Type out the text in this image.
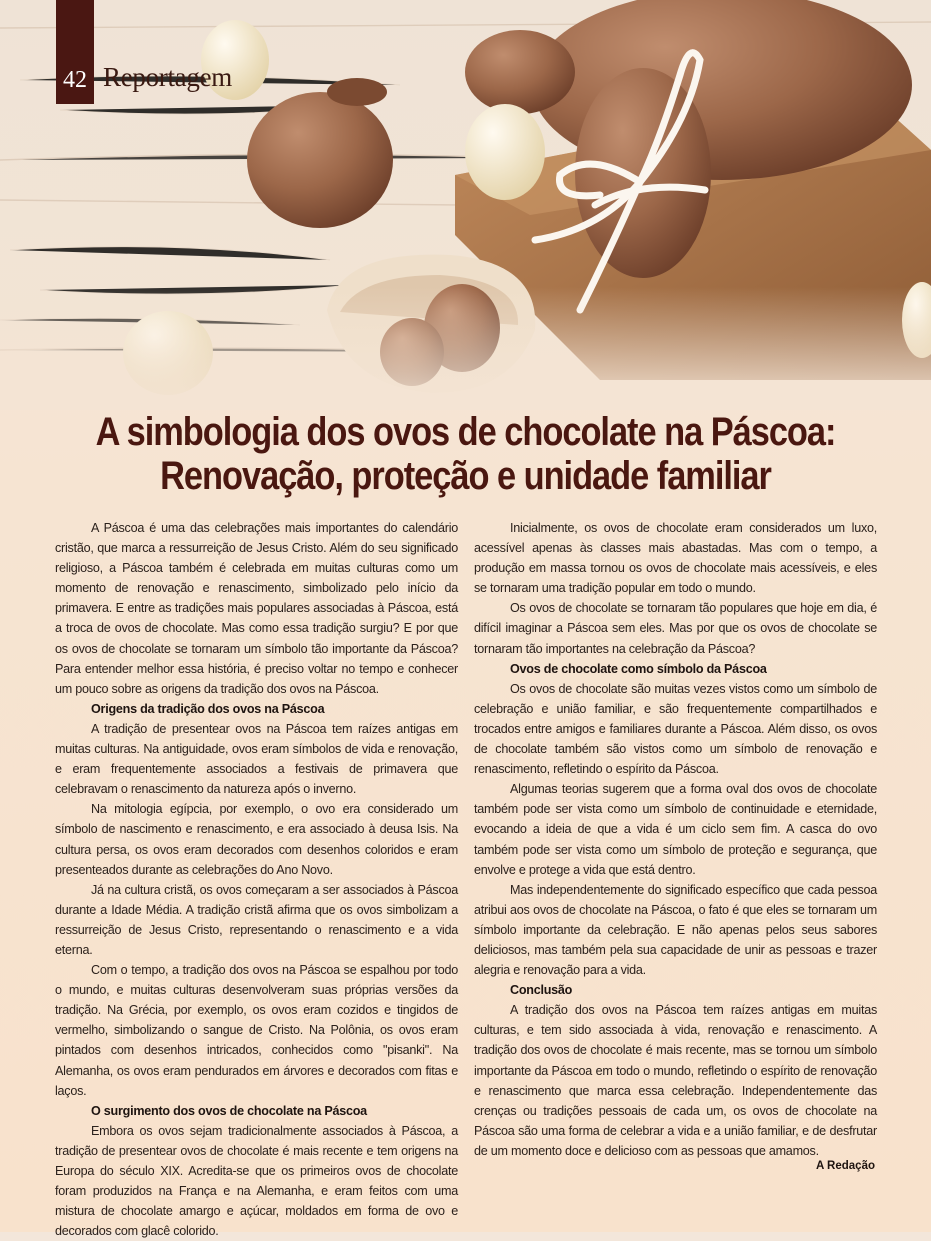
42 Reportagem
A simbologia dos ovos de chocolate na Páscoa:
Renovação, proteção e unidade familiar

A Páscoa é uma das celebrações mais importantes do calendário cristão, que marca a ressurreição de Jesus Cristo. Além do seu significado religioso, a Páscoa também é celebrada em muitas culturas como um momento de renovação e renascimento, simbolizado pelo início da primavera. E entre as tradições mais populares associadas à Páscoa, está a troca de ovos de chocolate. Mas como essa tradição surgiu? E por que os ovos de chocolate se tornaram um símbolo tão importante da Páscoa? Para entender melhor essa história, é preciso voltar no tempo e conhecer um pouco sobre as origens da tradição dos ovos na Páscoa.

Origens da tradição dos ovos na Páscoa

A tradição de presentear ovos na Páscoa tem raízes antigas em muitas culturas. Na antiguidade, ovos eram símbolos de vida e renovação, e eram frequentemente associados a festivais de primavera que celebravam o renascimento da natureza após o inverno.

Na mitologia egípcia, por exemplo, o ovo era considerado um símbolo de nascimento e renascimento, e era associado à deusa Isis. Na cultura persa, os ovos eram decorados com desenhos coloridos e eram presenteados durante as celebrações do Ano Novo.

Já na cultura cristã, os ovos começaram a ser associados à Páscoa durante a Idade Média. A tradição cristã afirma que os ovos simbolizam a ressurreição de Jesus Cristo, representando o renascimento e a vida eterna.

Com o tempo, a tradição dos ovos na Páscoa se espalhou por todo o mundo, e muitas culturas desenvolveram suas próprias versões da tradição. Na Grécia, por exemplo, os ovos eram cozidos e tingidos de vermelho, simbolizando o sangue de Cristo. Na Polônia, os ovos eram pintados com desenhos intricados, conhecidos como "pisanki". Na Alemanha, os ovos eram pendurados em árvores e decorados com fitas e laços.

O surgimento dos ovos de chocolate na Páscoa

Embora os ovos sejam tradicionalmente associados à Páscoa, a tradição de presentear ovos de chocolate é mais recente e tem origens na Europa do século XIX. Acredita-se que os primeiros ovos de chocolate foram produzidos na França e na Alemanha, e eram feitos com uma mistura de chocolate amargo e açúcar, moldados em forma de ovo e decorados com glacê colorido.

Inicialmente, os ovos de chocolate eram considerados um luxo, acessível apenas às classes mais abastadas. Mas com o tempo, a produção em massa tornou os ovos de chocolate mais acessíveis, e eles se tornaram uma tradição popular em todo o mundo.

Os ovos de chocolate se tornaram tão populares que hoje em dia, é difícil imaginar a Páscoa sem eles. Mas por que os ovos de chocolate se tornaram tão importantes na celebração da Páscoa?

Ovos de chocolate como símbolo da Páscoa

Os ovos de chocolate são muitas vezes vistos como um símbolo de celebração e união familiar, e são frequentemente compartilhados e trocados entre amigos e familiares durante a Páscoa. Além disso, os ovos de chocolate também são vistos como um símbolo de renovação e renascimento, refletindo o espírito da Páscoa.

Algumas teorias sugerem que a forma oval dos ovos de chocolate também pode ser vista como um símbolo de continuidade e eternidade, evocando a ideia de que a vida é um ciclo sem fim. A casca do ovo também pode ser vista como um símbolo de proteção e segurança, que envolve e protege a vida que está dentro.

Mas independentemente do significado específico que cada pessoa atribui aos ovos de chocolate na Páscoa, o fato é que eles se tornaram um símbolo importante da celebração. E não apenas pelos seus sabores deliciosos, mas também pela sua capacidade de unir as pessoas e trazer alegria e renovação para a vida.

Conclusão

A tradição dos ovos na Páscoa tem raízes antigas em muitas culturas, e tem sido associada à vida, renovação e renascimento. A tradição dos ovos de chocolate é mais recente, mas se tornou um símbolo importante da Páscoa em todo o mundo, refletindo o espírito de renovação e renascimento que marca essa celebração. Independentemente das crenças ou tradições pessoais de cada um, os ovos de chocolate na Páscoa são uma forma de celebrar a vida e a união familiar, e de desfrutar de um momento doce e delicioso com as pessoas que amamos.

A Redação
